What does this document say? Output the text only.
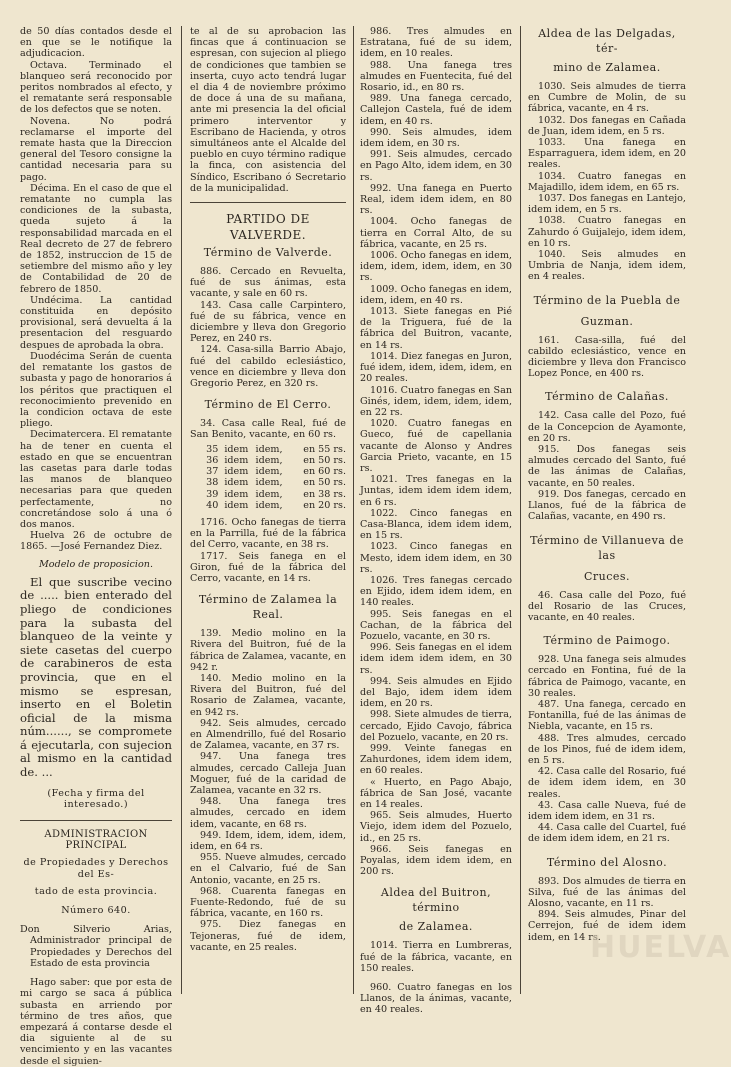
de 50 días contados desde el en que se le notifique la adjudicacion.

Octava. Terminado el blanqueo será reconocido por peritos nombrados al efecto, y el rematante será responsable de los defectos que se noten.

Novena. No podrá reclamarse el importe del remate hasta que la Direccion general del Tesoro consigne la cantidad necesaria para su pago.

Décima. En el caso de que el rematante no cumpla las condiciones de la subasta, queda sujeto á la responsabilidad marcada en el Real decreto de 27 de febrero de 1852, instruccion de 15 de setiembre del mismo año y ley de Contabilidad de 20 de febrero de 1850.

Undécima. La cantidad constituida en depósito provisional, será devuelta á la presentacion del resguardo despues de aprobada la obra.

Duodécima Serán de cuenta del rematante los gastos de subasta y pago de honorarios á los péritos que practiquen el reconocimiento prevenido en la condicion octava de este pliego.

Decimatercera. El rematante ha de tener en cuenta el estado en que se encuentran las casetas para darle todas las manos de blanqueo necesarias para que queden perfectamente, no concretándose solo á una ó dos manos.

Huelva 26 de octubre de 1865. —José Fernandez Diez.

Modelo de proposicion.

El que suscribe vecino de ..... bien enterado del pliego de condiciones para la subasta del blanqueo de la veinte y siete casetas del cuerpo de carabineros de esta provincia, que en el mismo se espresan, inserto en el Boletin oficial de la misma núm......, se compromete á ejecutarla, con sujecion al mismo en la cantidad de. ...

(Fecha y firma del interesado.)

ADMINISTRACION PRINCIPAL

de Propiedades y Derechos del Es-

tado de esta provincia.

Número 640.

Don Silverio Arias, Administrador principal de Propiedades y Derechos del Estado de esta provincia

Hago saber: que por esta de mi cargo se saca á pública subasta en arriendo por término de tres años, que empezará á contarse desde el dia siguiente al de su vencimiento y en las vacantes desde el siguien-

te al de su aprobacion las fincas que á continuacion se espresan, con sujecion al pliego de condiciones que tambien se inserta, cuyo acto tendrá lugar el dia 4 de noviembre próximo de doce á una de su mañana, ante mi presencia la del oficial primero interventor y Escribano de Hacienda, y otros simultáneos ante el Alcalde del pueblo en cuyo término radique la finca, con asistencia del Síndico, Escribano ó Secretario de la municipalidad.

PARTIDO DE VALVERDE.

Término de Valverde.

886. Cercado en Revuelta, fué de sus ánimas, esta vacante, y sale en 60 rs.

143. Casa calle Carpintero, fué de su fábrica, vence en diciembre y lleva don Gregorio Perez, en 240 rs.

124. Casa-silla Barrio Abajo, fué del cabildo eclesiástico, vence en diciembre y lleva don Gregorio Perez, en 320 rs.

Término de El Cerro.

34. Casa calle Real, fué de San Benito, vacante, en 60 rs.

35	idem	idem,	en 55 rs.
36	idem	idem,	en 50 rs.
37	idem	idem,	en 60 rs.
38	idem	idem,	en 50 rs.
39	idem	idem,	en 38 rs.
40	idem	idem,	en 20 rs.

1716. Ocho fanegas de tierra en la Parrilla, fué de la fábrica del Cerro, vacante, en 38 rs.

1717. Seis fanega en el Giron, fué de la fábrica del Cerro, vacante, en 14 rs.

Término de Zalamea la Real.

139. Medio molino en la Rivera del Buitron, fué de la fábrica de Zalamea, vacante, en 942 r.

140. Medio molino en la Rivera del Buitron, fué del Rosario de Zalamea, vacante, en 942 rs.

942. Seis almudes, cercado en Almendrillo, fué del Rosario de Zalamea, vacante, en 37 rs.

947. Una fanega tres almudes, cercado Calleja Juan Moguer, fué de la caridad de Zalamea, vacante en 32 rs.

948. Una fanega tres almudes, cercado en idem idem, vacante, en 68 rs.

949. Idem, idem, idem, idem, idem, en 64 rs.

955. Nueve almudes, cercado en el Calvario, fué de San Antonio, vacante, en 25 rs.

968. Cuarenta fanegas en Fuente-Redondo, fué de su fábrica, vacante, en 160 rs.

975. Diez fanegas en Tejoneras, fué de idem, vacante, en 25 reales.

986. Tres almudes en Estratana, fué de su idem, idem, en 10 reales.

988. Una fanega tres almudes en Fuentecita, fué del Rosario, id., en 80 rs.

989. Una fanega cercado, Callejon Castela, fué de idem idem, en 40 rs.

990. Seis almudes, idem idem idem, en 30 rs.

991. Seis almudes, cercado en Pago Alto, idem idem, en 30 rs.

992. Una fanega en Puerto Real, idem idem idem, en 80 rs.

1004. Ocho fanegas de tierra en Corral Alto, de su fábrica, vacante, en 25 rs.

1006. Ocho fanegas en idem, idem, idem, idem, idem, en 30 rs.

1009. Ocho fanegas en idem, idem, idem, en 40 rs.

1013. Siete fanegas en Pié de la Triguera, fué de la fábrica del Buitron, vacante, en 14 rs.

1014. Diez fanegas en Juron, fué idem, idem, idem, idem, en 20 reales.

1016. Cuatro fanegas en San Ginés, idem, idem, idem, idem, en 22 rs.

1020. Cuatro fanegas en Gueco, fué de capellania vacante de Alonso y Andres Garcia Prieto, vacante, en 15 rs.

1021. Tres fanegas en la Juntas, idem idem idem idem, en 6 rs.

1022. Cinco fanegas en Casa-Blanca, idem idem idem, en 15 rs.

1023. Cinco fanegas en Mesto, idem idem idem, en 30 rs.

1026. Tres fanegas cercado en Ejido, idem idem idem, en 140 reales.

995. Seis fanegas en el Cachan, de la fábrica del Pozuelo, vacante, en 30 rs.

996. Seis fanegas en el idem idem idem idem idem, en 30 rs.

994. Seis almudes en Ejido del Bajo, idem idem idem idem, en 20 rs.

998. Siete almudes de tierra, cercado, Ejido Cavojo, fábrica del Pozuelo, vacante, en 20 rs.

999. Veinte fanegas en Zahurdones, idem idem idem, en 60 reales.

« Huerto, en Pago Abajo, fábrica de San José, vacante en 14 reales.

965. Seis almudes, Huerto Viejo, idem idem del Pozuelo, id., en 25 rs.

966. Seis fanegas en Poyalas, idem idem idem, en 200 rs.

Aldea del Buitron, término

de Zalamea.

1014. Tierra en Lumbreras, fué de la fábrica, vacante, en 150 reales.

960. Cuatro fanegas en los Llanos, de la ánimas, vacante, en 40 reales.

Aldea de las Delgadas, tér-

mino de Zalamea.

1030. Seis almudes de tierra en Cumbre de Molin, de su fábrica, vacante, en 4 rs.

1032. Dos fanegas en Cañada de Juan, idem idem, en 5 rs.

1033. Una fanega en Esparraguera, idem idem, en 20 reales.

1034. Cuatro fanegas en Majadillo, idem idem, en 65 rs.

1037. Dos fanegas en Lantejo, idem idem, en 5 rs.

1038. Cuatro fanegas en Zahurdo ó Guijalejo, idem idem, en 10 rs.

1040. Seis almudes en Umbria de Nanja, idem idem, en 4 reales.

Término de la Puebla de

Guzman.

161. Casa-silla, fué del cabildo eclesiástico, vence en diciembre y lleva don Francisco Lopez Ponce, en 400 rs.

Término de Calañas.

142. Casa calle del Pozo, fué de la Concepcion de Ayamonte, en 20 rs.

915. Dos fanegas seis almudes cercado del Santo, fué de las ánimas de Calañas, vacante, en 50 reales.

919. Dos fanegas, cercado en Llanos, fué de la fábrica de Calañas, vacante, en 490 rs.

Término de Villanueva de las

Cruces.

46. Casa calle del Pozo, fué del Rosario de las Cruces, vacante, en 40 reales.

Término de Paimogo.

928. Una fanega seis almudes cercado en Fontina, fué de la fábrica de Paimogo, vacante, en 30 reales.

487. Una fanega, cercado en Fontanilla, fué de las ánimas de Niebla, vacante, en 15 rs.

488. Tres almudes, cercado de los Pinos, fué de idem idem, en 5 rs.

42. Casa calle del Rosario, fué de idem idem idem, en 30 reales.

43. Casa calle Nueva, fué de idem idem idem, en 31 rs.

44. Casa calle del Cuartel, fué de idem idem idem, en 21 rs.

Término del Alosno.

893. Dos almudes de tierra en Silva, fué de las ánimas del Alosno, vacante, en 11 rs.

894. Seis almudes, Pinar del Cerrejon, fué de idem idem idem, en 14 rs.

HUELVA
